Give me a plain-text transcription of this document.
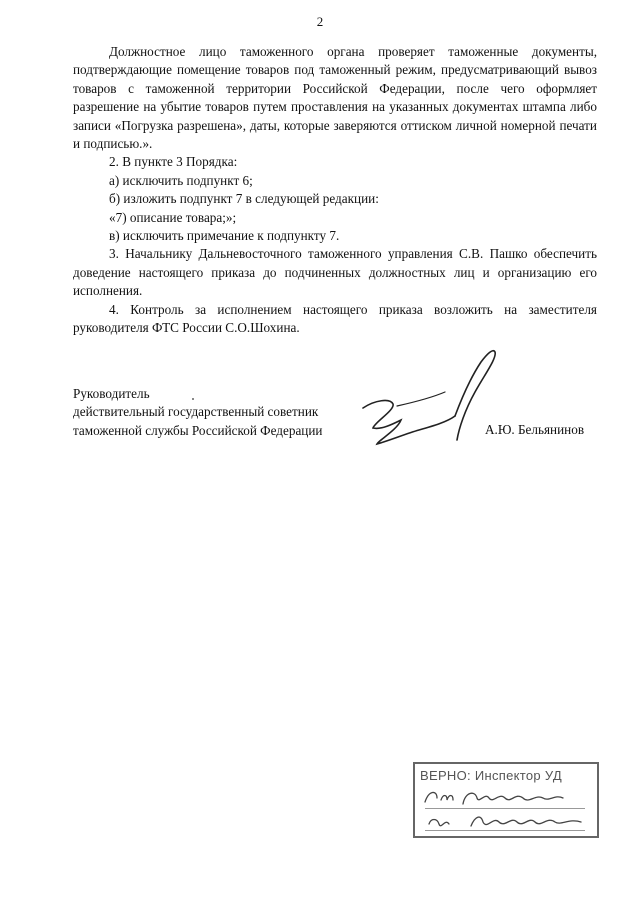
2

Должностное лицо таможенного органа проверяет таможенные документы, подтверждающие помещение товаров под таможенный режим, предусматривающий вывоз товаров с таможенной территории Российской Федерации, после чего оформляет разрешение на убытие товаров путем проставления на указанных документах штампа либо записи «Погрузка разрешена», даты, которые заверяются оттиском личной номерной печати и подписью.».

2. В пункте 3 Порядка:

а) исключить подпункт 6;

б) изложить подпункт 7 в следующей редакции:

«7) описание товара;»;

в) исключить примечание к подпункту 7.

3. Начальнику Дальневосточного таможенного управления С.В. Пашко обеспечить доведение настоящего приказа до подчиненных должностных лиц и организацию его исполнения.

4. Контроль за исполнением настоящего приказа возложить на заместителя руководителя ФТС России С.О.Шохина.

Руководитель
действительный государственный советник
таможенной службы Российской Федерации	А.Ю. Бельянинов
ВЕРНО: Инспектор УД
